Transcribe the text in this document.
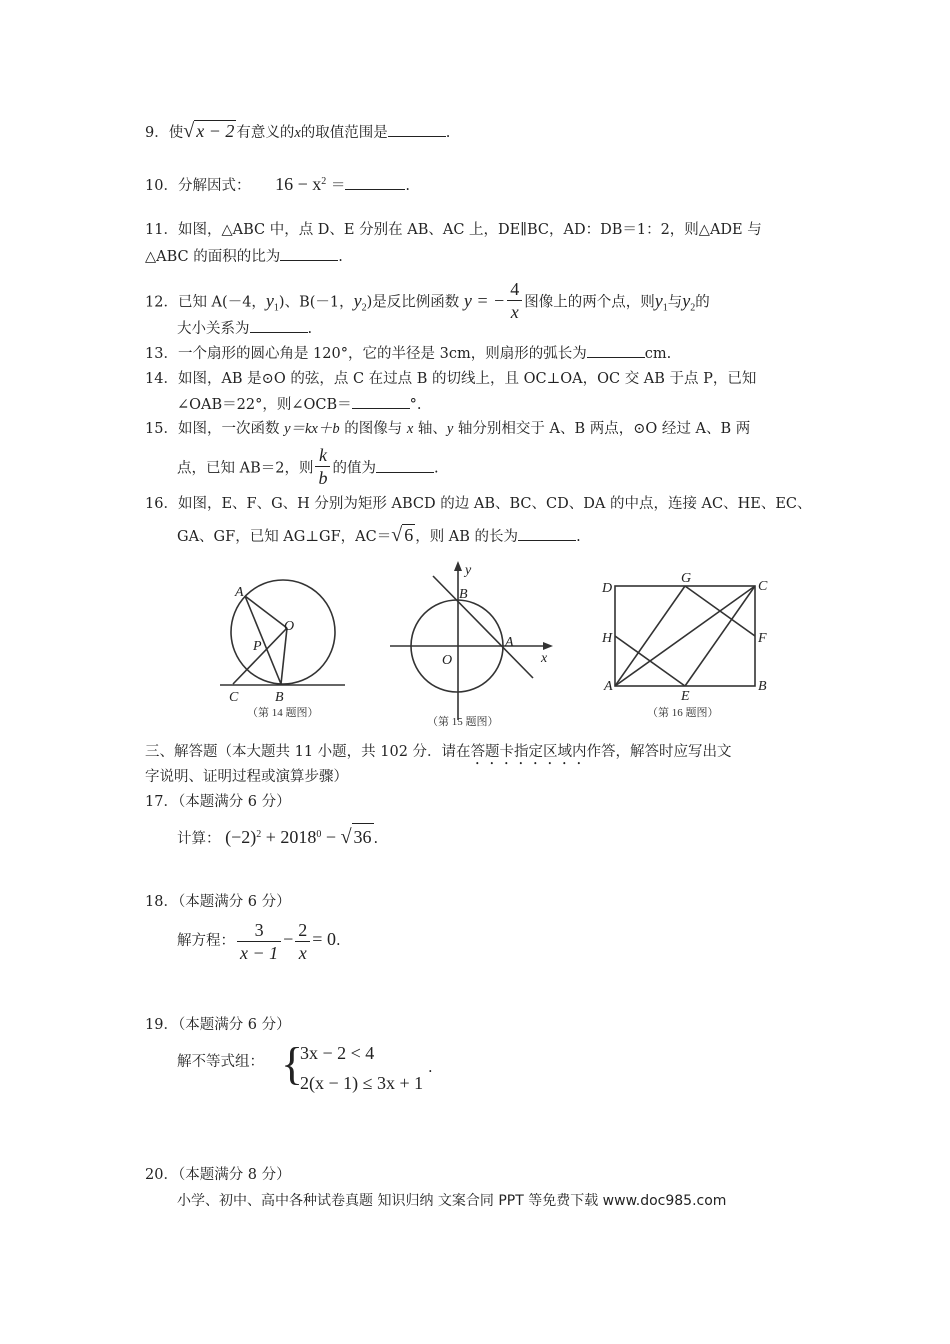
9．使√ x − 2 有意义的x的取值范围是	.
10．分解因式： $16 - x^2$ ＝	.
11．如图，△ABC 中，点 D、E 分别在 AB、AC 上，DE∥BC，AD：DB＝1：2，则△ADE 与
△ABC 的面积的比为	.
12．已知 A(－4，$y_1$)、B(－1，$y_2$)是反比例函数 y = − $\frac{4}{x}$ 图像上的两个点，则$y_1$与$y_2$的
大小关系为	.
13．一个扇形的圆心角是 120°，它的半径是 3cm，则扇形的弧长为	cm.
14．如图，AB 是⊙O 的弦，点 C 在过点 B 的切线上，且 OC⊥OA，OC 交 AB 于点 P，已知
∠OAB＝22°，则∠OCB＝	°.
15．如图，一次函数 y＝kx＋b 的图像与 x 轴、y 轴分别相交于 A、B 两点，⊙O 经过 A、B 两
点，已知 AB＝2，则 $\frac{k}{b}$ 的值为	.
16．如图，E、F、G、H 分别为矩形 ABCD 的边 AB、BC、CD、DA 的中点，连接 AC、HE、EC、
GA、GF，已知 AG⊥GF，AC＝√ 6 ，则 AB 的长为	.
A
O
P
C	B
（第 14 题图）
y
B
A
O	x
（第 15 题图）
D
G
C
H	F
A
E
B
（第 16 题图）
三、解答题（本大题共 11 小题，共 102 分．请在答题卡指定区域内作答，解答时应写出文
字说明、证明过程或演算步骤）
17．（本题满分 6 分）
计算： $(-2)^2 + 2018^0$ − √ 36 .
18．（本题满分 6 分）
解方程： $\frac{3}{x - 1} - \frac{2}{x} = 0$.
19．（本题满分 6 分）
解不等式组： {
3x − 2 < 4
2(x − 1) ≤ 3x + 1
.
20．（本题满分 8 分）
小学、初中、高中各种试卷真题 知识归纳 文案合同 PPT 等免费下载 www.doc985.com
